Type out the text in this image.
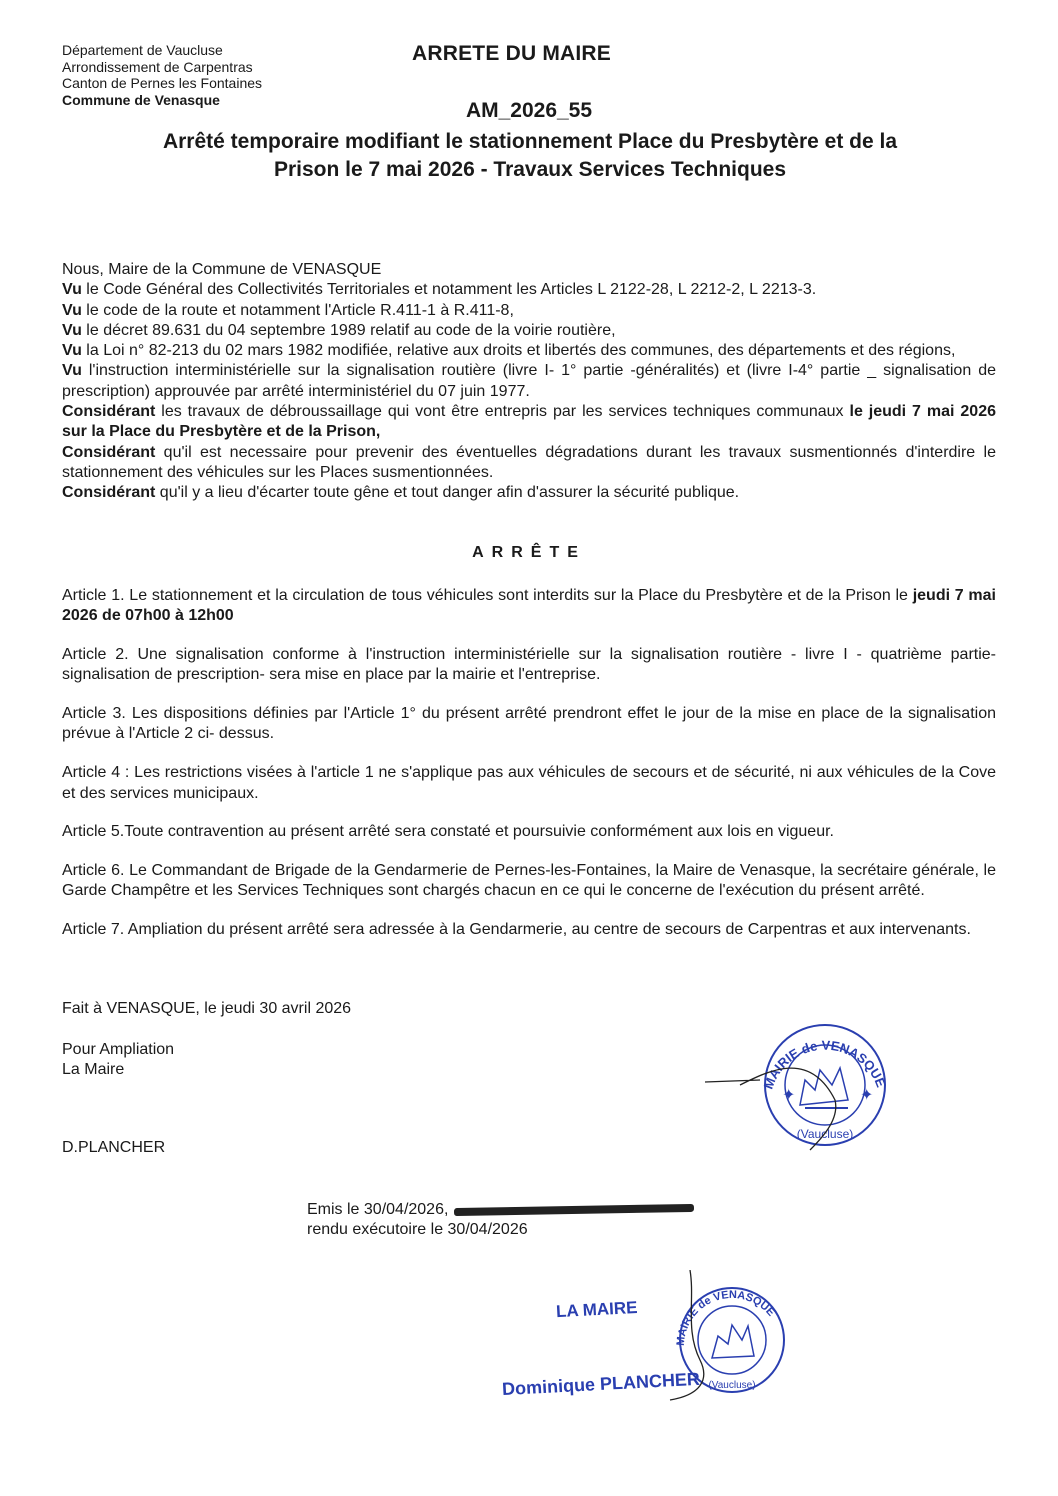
Département de Vaucluse
Arrondissement de Carpentras
Canton de Pernes les Fontaines
Commune de Venasque
ARRETE DU MAIRE
AM_2026_55
Arrêté temporaire modifiant le stationnement Place du Presbytère et de la
Prison le 7 mai 2026 - Travaux Services Techniques

Nous, Maire de la Commune de VENASQUE

Vu le Code Général des Collectivités Territoriales et notamment les Articles L 2122-28, L 2212-2, L 2213-3.

Vu le code de la route et notamment l'Article R.411-1 à R.411-8,

Vu le décret 89.631 du 04 septembre 1989 relatif au code de la voirie routière,

Vu la Loi n° 82-213 du 02 mars 1982 modifiée, relative aux droits et libertés des communes, des départements et des régions,

Vu l'instruction interministérielle sur la signalisation routière (livre I- 1° partie -généralités) et (livre I-4° partie _ signalisation de prescription) approuvée par arrêté interministériel du 07 juin 1977.

Considérant les travaux de débroussaillage qui vont être entrepris par les services techniques communaux le jeudi 7 mai 2026 sur la Place du Presbytère et de la Prison,

Considérant qu'il est necessaire pour prevenir des éventuelles dégradations durant les travaux susmentionnés d'interdire le stationnement des véhicules sur les Places susmentionnées.

Considérant qu'il y a lieu d'écarter toute gêne et tout danger afin d'assurer la sécurité publique.

ARRÊTE

Article 1. Le stationnement et la circulation de tous véhicules sont interdits sur la Place du Presbytère et de la Prison le jeudi 7 mai 2026 de 07h00 à 12h00

Article 2. Une signalisation conforme à l'instruction interministérielle sur la signalisation routière - livre I - quatrième partie- signalisation de prescription- sera mise en place par la mairie et l'entreprise.

Article 3. Les dispositions définies par l'Article 1° du présent arrêté prendront effet le jour de la mise en place de la signalisation prévue à l'Article 2 ci- dessus.

Article 4 : Les restrictions visées à l'article 1 ne s'applique pas aux véhicules de secours et de sécurité, ni aux véhicules de la Cove et des services municipaux.

Article 5.Toute contravention au présent arrêté sera constaté et poursuivie conformément aux lois en vigueur.

Article 6. Le Commandant de Brigade de la Gendarmerie de Pernes-les-Fontaines, la Maire de Venasque, la secrétaire générale, le Garde Champêtre et les Services Techniques sont chargés chacun en ce qui le concerne de l'exécution du présent arrêté.

Article 7. Ampliation du présent arrêté sera adressée à la Gendarmerie, au centre de secours de Carpentras et aux intervenants.

Fait à VENASQUE, le jeudi 30 avril 2026
Pour Ampliation
La Maire
D.PLANCHER
MAIRIE de VENASQUE
(Vaucluse)
✦	✦
Emis le 30/04/2026,
rendu exécutoire le 30/04/2026
LA MAIRE
MAIRIE de VENASQUE
(Vaucluse)
Dominique PLANCHER
